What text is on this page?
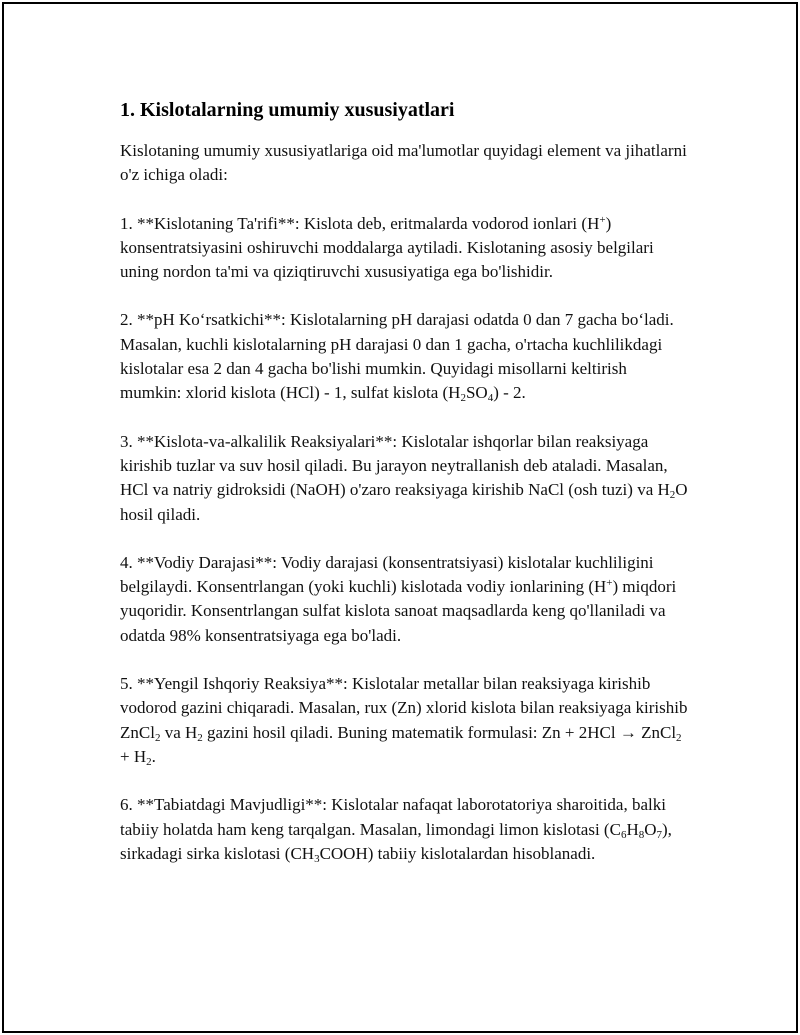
1. Kislotalarning umumiy xususiyatlari

Kislotaning umumiy xususiyatlariga oid ma'lumotlar quyidagi element va jihatlarni o'z ichiga oladi:

1. **Kislotaning Ta'rifi**: Kislota deb, eritmalarda vodorod ionlari (H+) konsentratsiyasini oshiruvchi moddalarga aytiladi. Kislotaning asosiy belgilari uning nordon ta'mi va qiziqtiruvchi xususiyatiga ega bo'lishidir.

2. **pH Ko‘rsatkichi**: Kislotalarning pH darajasi odatda 0 dan 7 gacha bo‘ladi. Masalan, kuchli kislotalarning pH darajasi 0 dan 1 gacha, o'rtacha kuchlilikdagi kislotalar esa 2 dan 4 gacha bo'lishi mumkin. Quyidagi misollarni keltirish mumkin: xlorid kislota (HCl) - 1, sulfat kislota $(H_2SO_4) - 2$.

3. **Kislota-va-alkalilik Reaksiyalari**: Kislotalar ishqorlar bilan reaksiyaga kirishib tuzlar va suv hosil qiladi. Bu jarayon neytrallanish deb ataladi. Masalan, HCl va natriy gidroksidi (NaOH) o'zaro reaksiyaga kirishib NaCl (osh tuzi) va $H_2O$ hosil qiladi.

4. **Vodiy Darajasi**: Vodiy darajasi (konsentratsiyasi) kislotalar kuchliligini belgilaydi. Konsentrlangan (yoki kuchli) kislotada vodiy ionlarining (H+) miqdori yuqoridir. Konsentrlangan sulfat kislota sanoat maqsadlarda keng qo'llaniladi va odatda 98% konsentratsiyaga ega bo'ladi.

5. **Yengil Ishqoriy Reaksiya**: Kislotalar metallar bilan reaksiyaga kirishib vodorod gazini chiqaradi. Masalan, rux (Zn) xlorid kislota bilan reaksiyaga kirishib ZnCl$_2$ va $H_2$ gazini hosil qiladi. Buning matematik formulasi: Zn + 2HCl → ZnCl$_2$ + $H_2$.

6. **Tabiatdagi Mavjudligi**: Kislotalar nafaqat laborotatoriya sharoitida, balki tabiiy holatda ham keng tarqalgan. Masalan, limondagi limon kislotasi $(C_6H_8O_7)$, sirkadagi sirka kislotasi $(CH_3COOH)$ tabiiy kislotalardan hisoblanadi.
